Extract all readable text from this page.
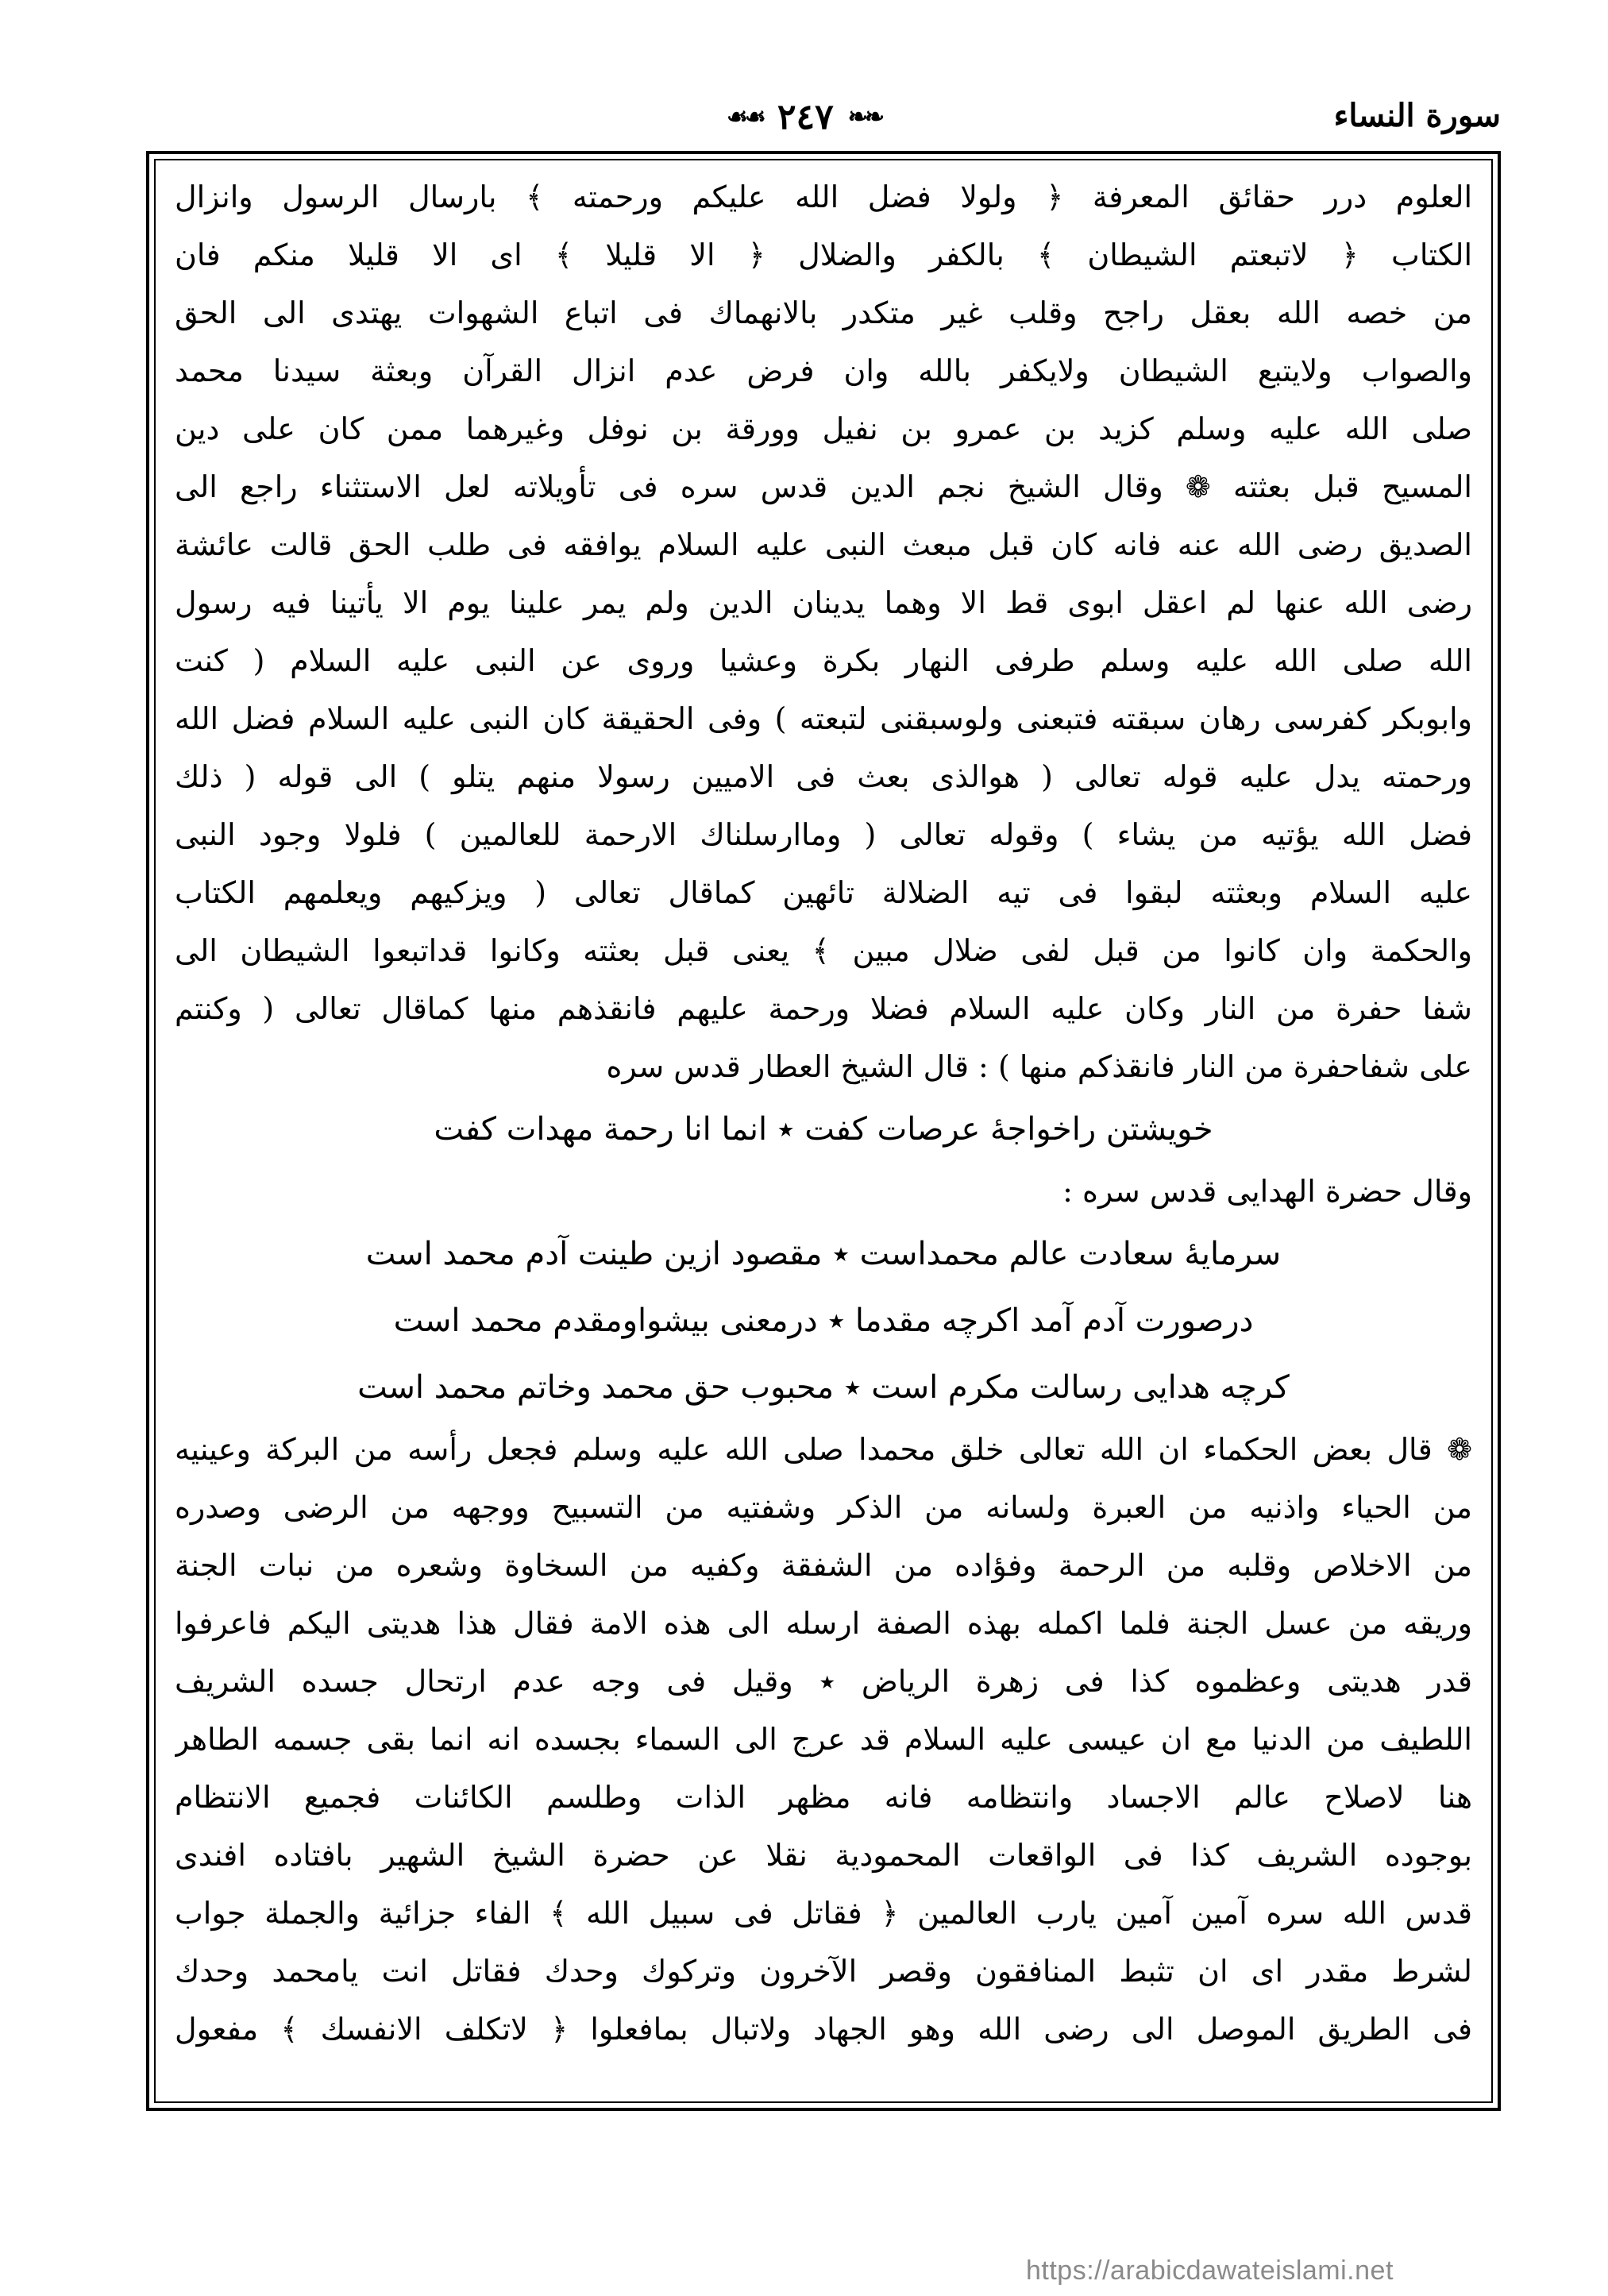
سورة النساء
❧❧
٢٤٧
☙☙
العلوم درر حقائق المعرفة ﴿ ولولا فضل الله عليكم ورحمته ﴾ بارسال الرسول وانزال
الكتاب ﴿ لاتبعتم الشيطان ﴾ بالكفر والضلال ﴿ الا قليلا ﴾ اى الا قليلا منكم فان
من خصه الله بعقل راجح وقلب غير متكدر بالانهماك فى اتباع الشهوات يهتدى الى الحق
والصواب ولايتبع الشيطان ولايكفر بالله وان فرض عدم انزال القرآن وبعثة سيدنا محمد
صلى الله عليه وسلم كزيد بن عمرو بن نفيل وورقة بن نوفل وغيرهما ممن كان على دين
المسيح قبل بعثته ❁ وقال الشيخ نجم الدين قدس سره فى تأويلاته لعل الاستثناء راجع الى
الصديق رضى الله عنه فانه كان قبل مبعث النبى عليه السلام يوافقه فى طلب الحق قالت عائشة
رضى الله عنها لم اعقل ابوى قط الا وهما يدينان الدين ولم يمر علينا يوم الا يأتينا فيه رسول
الله صلى الله عليه وسلم طرفى النهار بكرة وعشيا وروى عن النبى عليه السلام ( كنت
وابوبكر كفرسى رهان سبقته فتبعنى ولوسبقنى لتبعته ) وفى الحقيقة كان النبى عليه السلام فضل الله
ورحمته يدل عليه قوله تعالى ( هوالذى بعث فى الاميين رسولا منهم يتلو ) الى قوله ( ذلك
فضل الله يؤتيه من يشاء ) وقوله تعالى ( وماارسلناك الارحمة للعالمين ) فلولا وجود النبى
عليه السلام وبعثته لبقوا فى تيه الضلالة تائهين كماقال تعالى ( ويزكيهم ويعلمهم الكتاب
والحكمة وان كانوا من قبل لفى ضلال مبين ﴾ يعنى قبل بعثته وكانوا قداتبعوا الشيطان الى
شفا حفرة من النار وكان عليه السلام فضلا ورحمة عليهم فانقذهم منها كماقال تعالى ( وكنتم
على شفاحفرة من النار فانقذكم منها ) : قال الشيخ العطار قدس سره
خويشتن راخواجهٔ عرصات كفت ٭ انما انا رحمة مهدات كفت
وقال حضرة الهدايى قدس سره :
سرمايهٔ سعادت عالم محمداست ٭ مقصود ازين طينت آدم محمد است
درصورت آدم آمد اكرچه مقدما ٭ درمعنى بيشواومقدم محمد است
كرچه هدايى رسالت مكرم است ٭ محبوب حق محمد وخاتم محمد است
❁ قال بعض الحكماء ان الله تعالى خلق محمدا صلى الله عليه وسلم فجعل رأسه من البركة وعينيه
من الحياء واذنيه من العبرة ولسانه من الذكر وشفتيه من التسبيح ووجهه من الرضى وصدره
من الاخلاص وقلبه من الرحمة وفؤاده من الشفقة وكفيه من السخاوة وشعره من نبات الجنة
وريقه من عسل الجنة فلما اكمله بهذه الصفة ارسله الى هذه الامة فقال هذا هديتى اليكم فاعرفوا
قدر هديتى وعظموه كذا فى زهرة الرياض ٭ وقيل فى وجه عدم ارتحال جسده الشريف
اللطيف من الدنيا مع ان عيسى عليه السلام قد عرج الى السماء بجسده انه انما بقى جسمه الطاهر
هنا لاصلاح عالم الاجساد وانتظامه فانه مظهر الذات وطلسم الكائنات فجميع الانتظام
بوجوده الشريف كذا فى الواقعات المحمودية نقلا عن حضرة الشيخ الشهير بافتاده افندى
قدس الله سره آمين آمين يارب العالمين ﴿ فقاتل فى سبيل الله ﴾ الفاء جزائية والجملة جواب
لشرط مقدر اى ان تثبط المنافقون وقصر الآخرون وتركوك وحدك فقاتل انت يامحمد وحدك
فى الطريق الموصل الى رضى الله وهو الجهاد ولاتبال بمافعلوا ﴿ لاتكلف الانفسك ﴾ مفعول
https://arabicdawateislami.net
